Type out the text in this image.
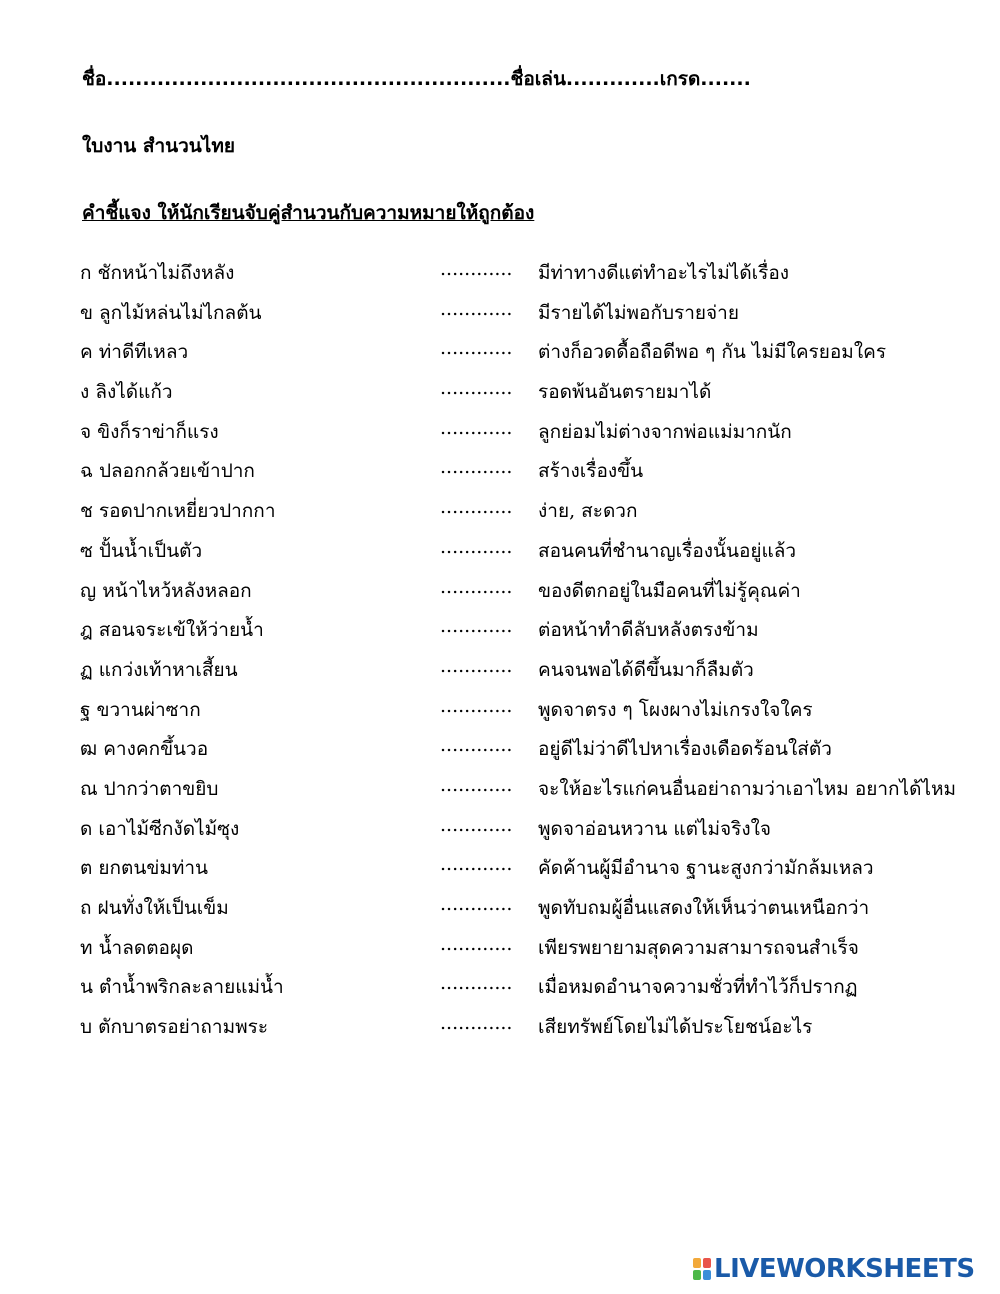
ชื่อ........................................................ชื่อเล่น.............เกรด.......
ใบงาน สำนวนไทย
คำชี้แจง ให้นักเรียนจับคู่สำนวนกับความหมายให้ถูกต้อง
ก ชักหน้าไม่ถึงหลัง	............ มีท่าทางดีแต่ทำอะไรไม่ได้เรื่อง
ข ลูกไม้หล่นไม่ไกลต้น	............ มีรายได้ไม่พอกับรายจ่าย
ค ท่าดีทีเหลว	............ ต่างก็อวดดื้อถือดีพอ ๆ กัน ไม่มีใครยอมใคร
ง ลิงได้แก้ว	............ รอดพ้นอันตรายมาได้
จ ขิงก็ราข่าก็แรง	............ ลูกย่อมไม่ต่างจากพ่อแม่มากนัก
ฉ ปลอกกล้วยเข้าปาก	............ สร้างเรื่องขึ้น
ช รอดปากเหยี่ยวปากกา	............ ง่าย, สะดวก
ซ ปั้นน้ำเป็นตัว	............ สอนคนที่ชำนาญเรื่องนั้นอยู่แล้ว
ญ หน้าไหว้หลังหลอก	............ ของดีตกอยู่ในมือคนที่ไม่รู้คุณค่า
ฎ สอนจระเข้ให้ว่ายน้ำ	............ ต่อหน้าทำดีลับหลังตรงข้าม
ฏ แกว่งเท้าหาเสี้ยน	............ คนจนพอได้ดีขึ้นมาก็ลืมตัว
ฐ ขวานผ่าซาก	............ พูดจาตรง ๆ โผงผางไม่เกรงใจใคร
ฒ คางคกขึ้นวอ	............ อยู่ดีไม่ว่าดีไปหาเรื่องเดือดร้อนใส่ตัว
ณ ปากว่าตาขยิบ	............ จะให้อะไรแก่คนอื่นอย่าถามว่าเอาไหม อยากได้ไหม
ด เอาไม้ซีกงัดไม้ซุง	............ พูดจาอ่อนหวาน แต่ไม่จริงใจ
ต ยกตนข่มท่าน	............ คัดค้านผู้มีอำนาจ ฐานะสูงกว่ามักล้มเหลว
ถ ฝนทั่งให้เป็นเข็ม	............ พูดทับถมผู้อื่นแสดงให้เห็นว่าตนเหนือกว่า
ท น้ำลดตอผุด	............ เพียรพยายามสุดความสามารถจนสำเร็จ
น ตำน้ำพริกละลายแม่น้ำ	............ เมื่อหมดอำนาจความชั่วที่ทำไว้ก็ปรากฏ
บ ตักบาตรอย่าถามพระ	............ เสียทรัพย์โดยไม่ได้ประโยชน์อะไร
LIVEWORKSHEETS
